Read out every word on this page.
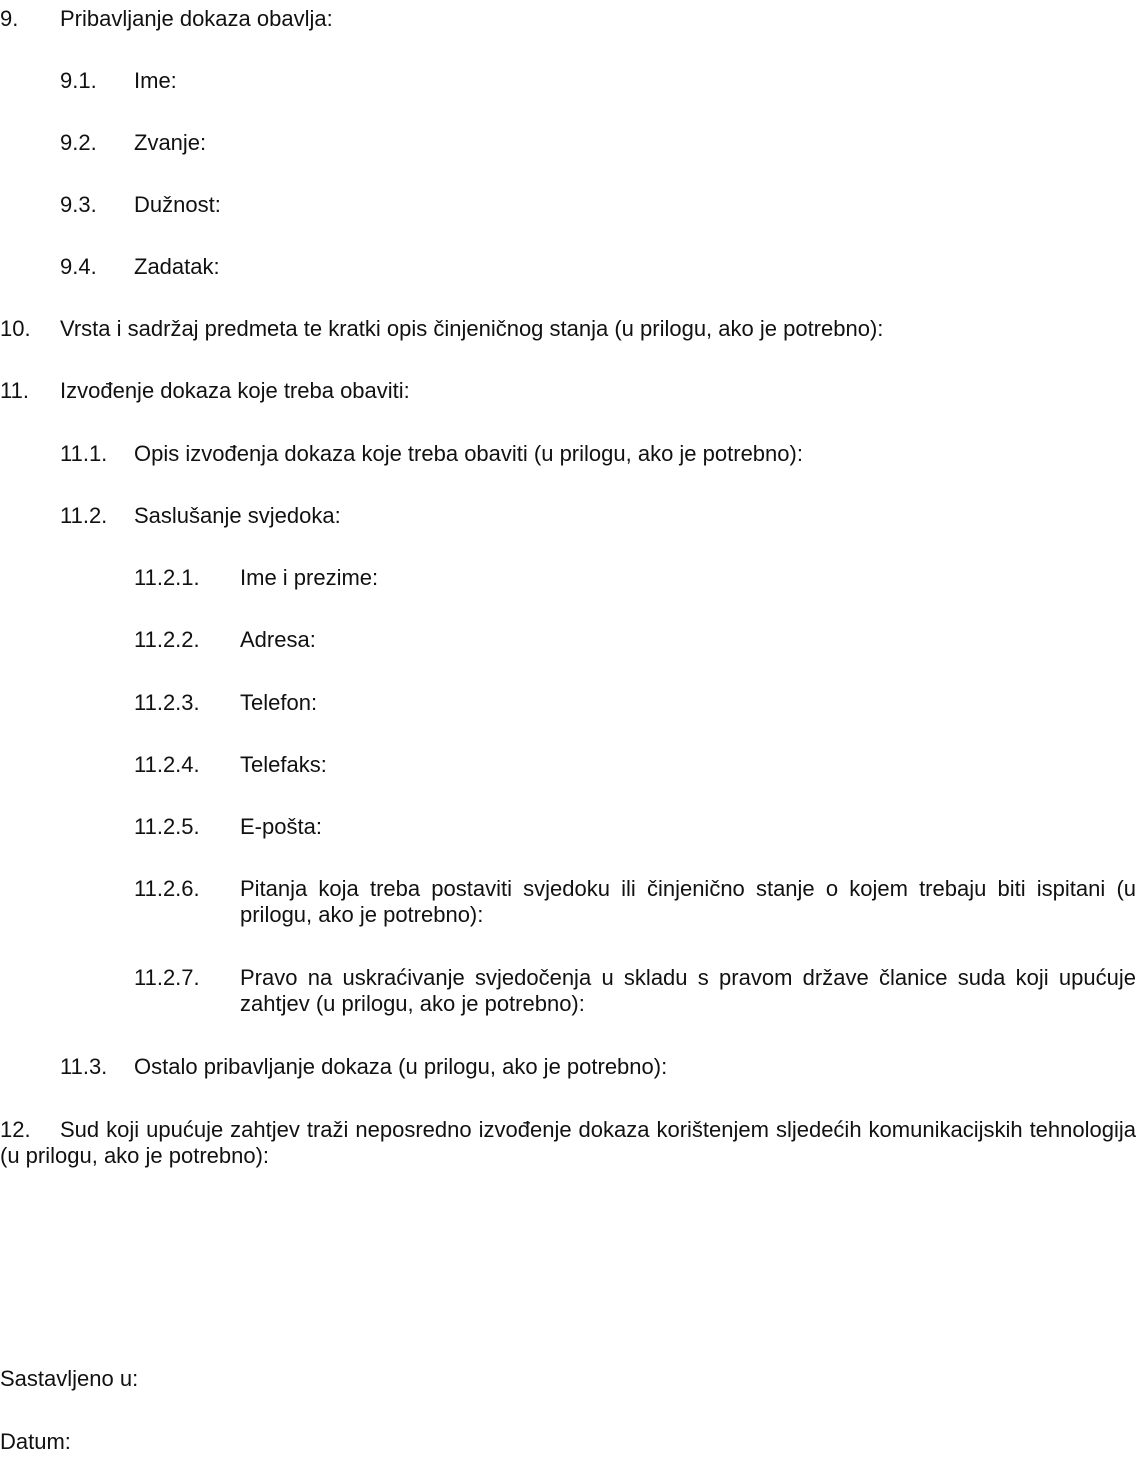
9. Pribavljanje dokaza obavlja:
9.1. Ime:
9.2. Zvanje:
9.3. Dužnost:
9.4. Zadatak:
10. Vrsta i sadržaj predmeta te kratki opis činjeničnog stanja (u prilogu, ako je potrebno):
11. Izvođenje dokaza koje treba obaviti:
11.1. Opis izvođenja dokaza koje treba obaviti (u prilogu, ako je potrebno):
11.2. Saslušanje svjedoka:
11.2.1. Ime i prezime:
11.2.2. Adresa:
11.2.3. Telefon:
11.2.4. Telefaks:
11.2.5. E-pošta:
11.2.6. Pitanja koja treba postaviti svjedoku ili činjenično stanje o kojem trebaju biti ispitani (u prilogu, ako je potrebno):
11.2.7. Pravo na uskraćivanje svjedočenja u skladu s pravom države članice suda koji upućuje zahtjev (u prilogu, ako je potrebno):
11.3. Ostalo pribavljanje dokaza (u prilogu, ako je potrebno):
12. Sud koji upućuje zahtjev traži neposredno izvođenje dokaza korištenjem sljedećih komunikacijskih tehnologija (u prilogu, ako je potrebno):
Sastavljeno u:
Datum:
